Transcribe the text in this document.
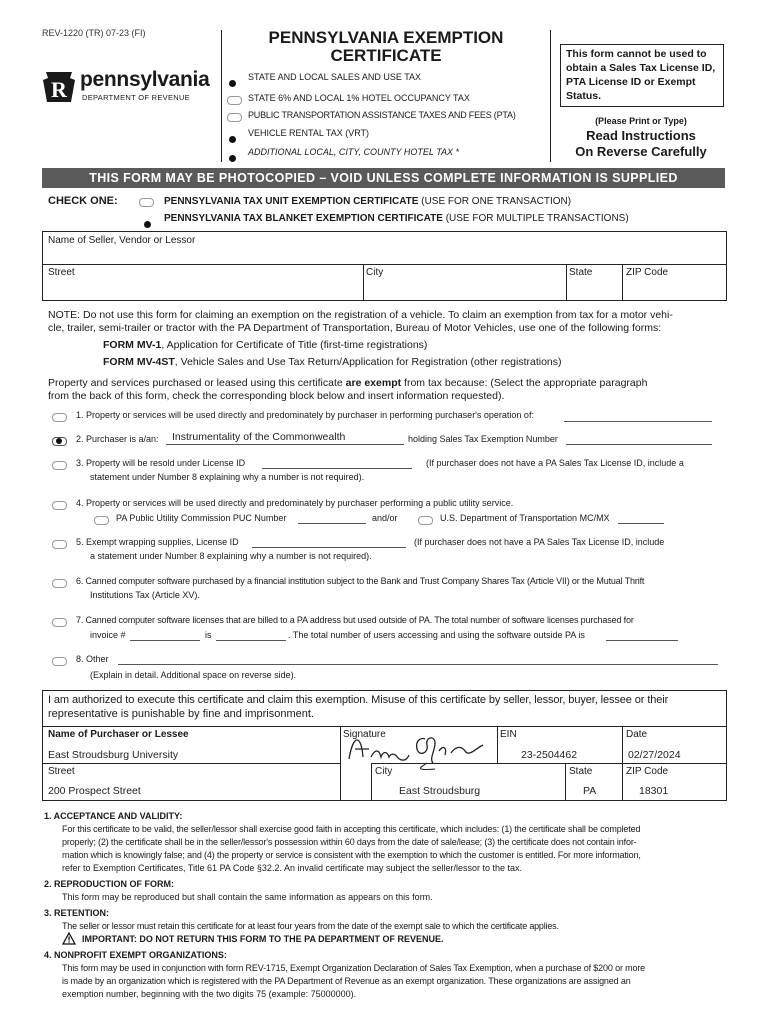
REV-1220 (TR) 07-23 (FI)
R pennsylvania
DEPARTMENT OF REVENUE
PENNSYLVANIA EXEMPTION
CERTIFICATE
STATE AND LOCAL SALES AND USE TAX
STATE 6% AND LOCAL 1% HOTEL OCCUPANCY TAX
PUBLIC TRANSPORTATION ASSISTANCE TAXES AND FEES (PTA)
VEHICLE RENTAL TAX (VRT)
ADDITIONAL LOCAL, CITY, COUNTY HOTEL TAX *
This form cannot be used to
obtain a Sales Tax License ID,
PTA License ID or Exempt
Status.
(Please Print or Type)
Read Instructions
On Reverse Carefully
THIS FORM MAY BE PHOTOCOPIED – VOID UNLESS COMPLETE INFORMATION IS SUPPLIED
CHECK ONE:	PENNSYLVANIA TAX UNIT EXEMPTION CERTIFICATE (USE FOR ONE TRANSACTION)
PENNSYLVANIA TAX BLANKET EXEMPTION CERTIFICATE (USE FOR MULTIPLE TRANSACTIONS)
Name of Seller, Vendor or Lessor
Street	City	State	ZIP Code
NOTE: Do not use this form for claiming an exemption on the registration of a vehicle. To claim an exemption from tax for a motor vehi-
cle, trailer, semi-trailer or tractor with the PA Department of Transportation, Bureau of Motor Vehicles, use one of the following forms:
FORM MV-1, Application for Certificate of Title (first-time registrations)
FORM MV-4ST, Vehicle Sales and Use Tax Return/Application for Registration (other registrations)
Property and services purchased or leased using this certificate are exempt from tax because: (Select the appropriate paragraph
from the back of this form, check the corresponding block below and insert information requested).
1. Property or services will be used directly and predominately by purchaser in performing purchaser's operation of:
2. Purchaser is a/an: Instrumentality of the Commonwealth	holding Sales Tax Exemption Number
3. Property will be resold under License ID	(If purchaser does not have a PA Sales Tax License ID, include a
statement under Number 8 explaining why a number is not required).
4. Property or services will be used directly and predominately by purchaser performing a public utility service.
PA Public Utility Commission PUC Number	and/or	U.S. Department of Transportation MC/MX
5. Exempt wrapping supplies, License ID	(If purchaser does not have a PA Sales Tax License ID, include
a statement under Number 8 explaining why a number is not required).
6. Canned computer software purchased by a financial institution subject to the Bank and Trust Company Shares Tax (Article VII) or the Mutual Thrift
Institutions Tax (Article XV).
7. Canned computer software licenses that are billed to a PA address but used outside of PA. The total number of software licenses purchased for
invoice #	is	. The total number of users accessing and using the software outside PA is
8. Other
(Explain in detail. Additional space on reverse side).
I am authorized to execute this certificate and claim this exemption. Misuse of this certificate by seller, lessor, buyer, lessee or their
representative is punishable by fine and imprisonment.
Name of Purchaser or Lessee
East Stroudsburg University
Signature	EIN
23-2504462
Date
02/27/2024
Street
200 Prospect Street
City
East Stroudsburg
State
PA
ZIP Code
18301
1. ACCEPTANCE AND VALIDITY:
For this certificate to be valid, the seller/lessor shall exercise good faith in accepting this certificate, which includes: (1) the certificate shall be completed
properly; (2) the certificate shall be in the seller/lessor's possession within 60 days from the date of sale/lease; (3) the certificate does not contain infor-
mation which is knowingly false; and (4) the property or service is consistent with the exemption to which the customer is entitled. For more information,
refer to Exemption Certificates, Title 61 PA Code §32.2. An invalid certificate may subject the seller/lessor to the tax.
2. REPRODUCTION OF FORM:
This form may be reproduced but shall contain the same information as appears on this form.
3. RETENTION:
The seller or lessor must retain this certificate for at least four years from the date of the exempt sale to which the certificate applies.
IMPORTANT: DO NOT RETURN THIS FORM TO THE PA DEPARTMENT OF REVENUE.
4. NONPROFIT EXEMPT ORGANIZATIONS:
This form may be used in conjunction with form REV-1715, Exempt Organization Declaration of Sales Tax Exemption, when a purchase of $200 or more
is made by an organization which is registered with the PA Department of Revenue as an exempt organization. These organizations are assigned an
exemption number, beginning with the two digits 75 (example: 75000000).
